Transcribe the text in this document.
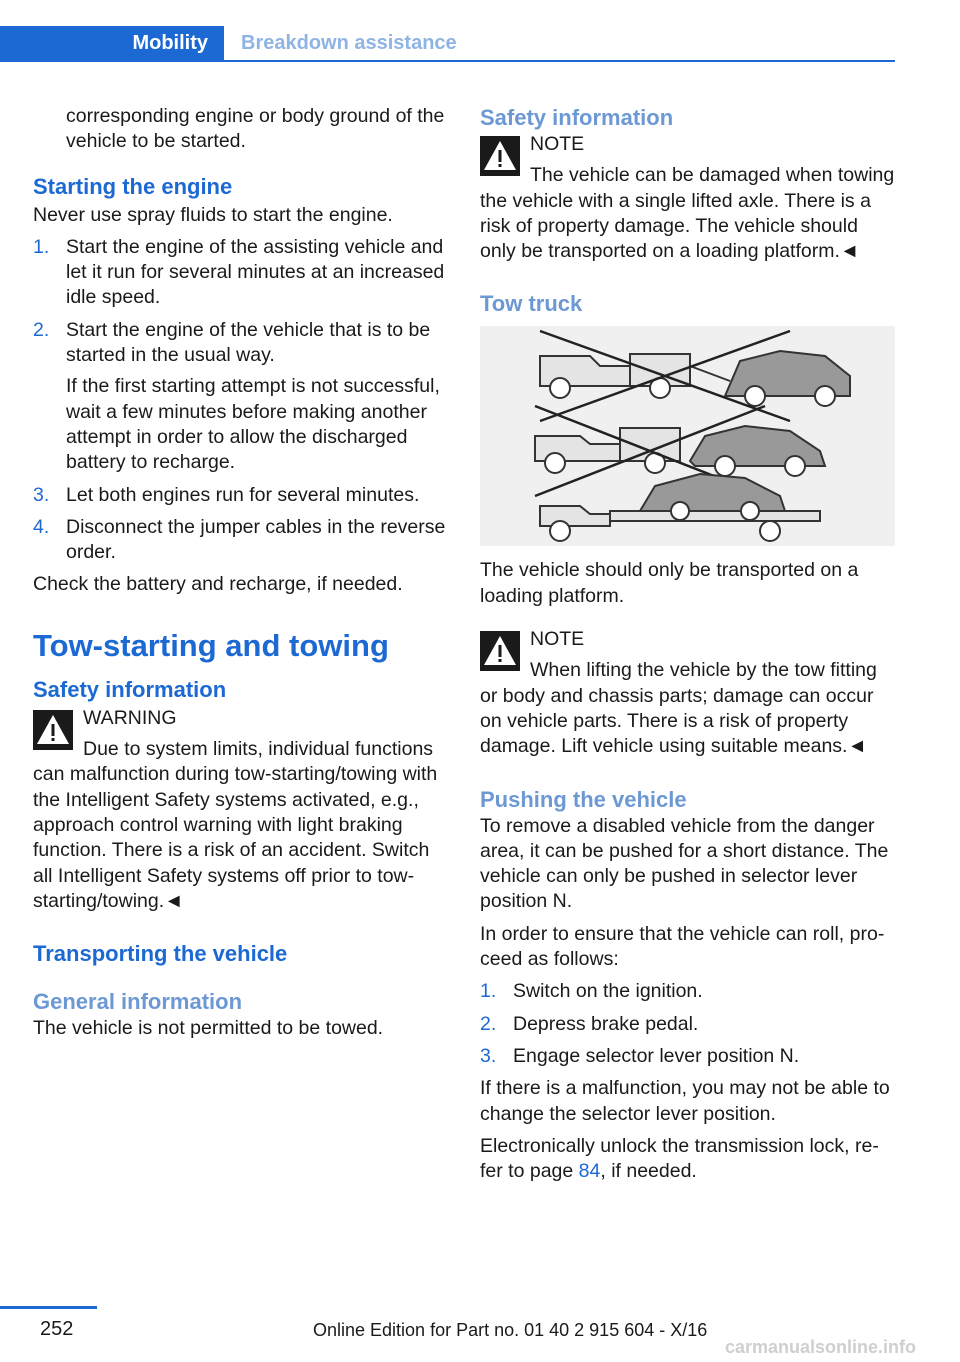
Mobility Breakdown assistance

corresponding engine or body ground of the vehicle to be started.

Starting the engine

Never use spray fluids to start the engine.

1. Start the engine of the assisting vehicle and let it run for several minutes at an increased idle speed.
2. Start the engine of the vehicle that is to be started in the usual way.
If the first starting attempt is not successful, wait a few minutes before making another attempt in order to allow the discharged battery to recharge.
3. Let both engines run for several minutes.
4. Disconnect the jumper cables in the reverse order.

Check the battery and recharge, if needed.

Tow-starting and towing
Safety information
WARNING
Due to system limits, individual functions can malfunction during tow-starting/towing with the Intelligent Safety systems activated, e.g., approach control warning with light braking function. There is a risk of an accident. Switch all Intelligent Safety systems off prior to tow-starting/towing.◄
Transporting the vehicle
General information

The vehicle is not permitted to be towed.

Safety information
NOTE
The vehicle can be damaged when towing the vehicle with a single lifted axle. There is a risk of property damage. The vehicle should only be transported on a loading platform.◄
Tow truck

The vehicle should only be transported on a loading platform.

NOTE
When lifting the vehicle by the tow fitting or body and chassis parts; damage can occur on vehicle parts. There is a risk of property damage. Lift vehicle using suitable means.◄
Pushing the vehicle

To remove a disabled vehicle from the danger area, it can be pushed for a short distance. The vehicle can only be pushed in selector lever position N.

In order to ensure that the vehicle can roll, proceed as follows:

1. Switch on the ignition.
2. Depress brake pedal.
3. Engage selector lever position N.

If there is a malfunction, you may not be able to change the selector lever position.

Electronically unlock the transmission lock, refer to page 84, if needed.

252	Online Edition for Part no. 01 40 2 915 604 - X/16
carmanualsonline.info
